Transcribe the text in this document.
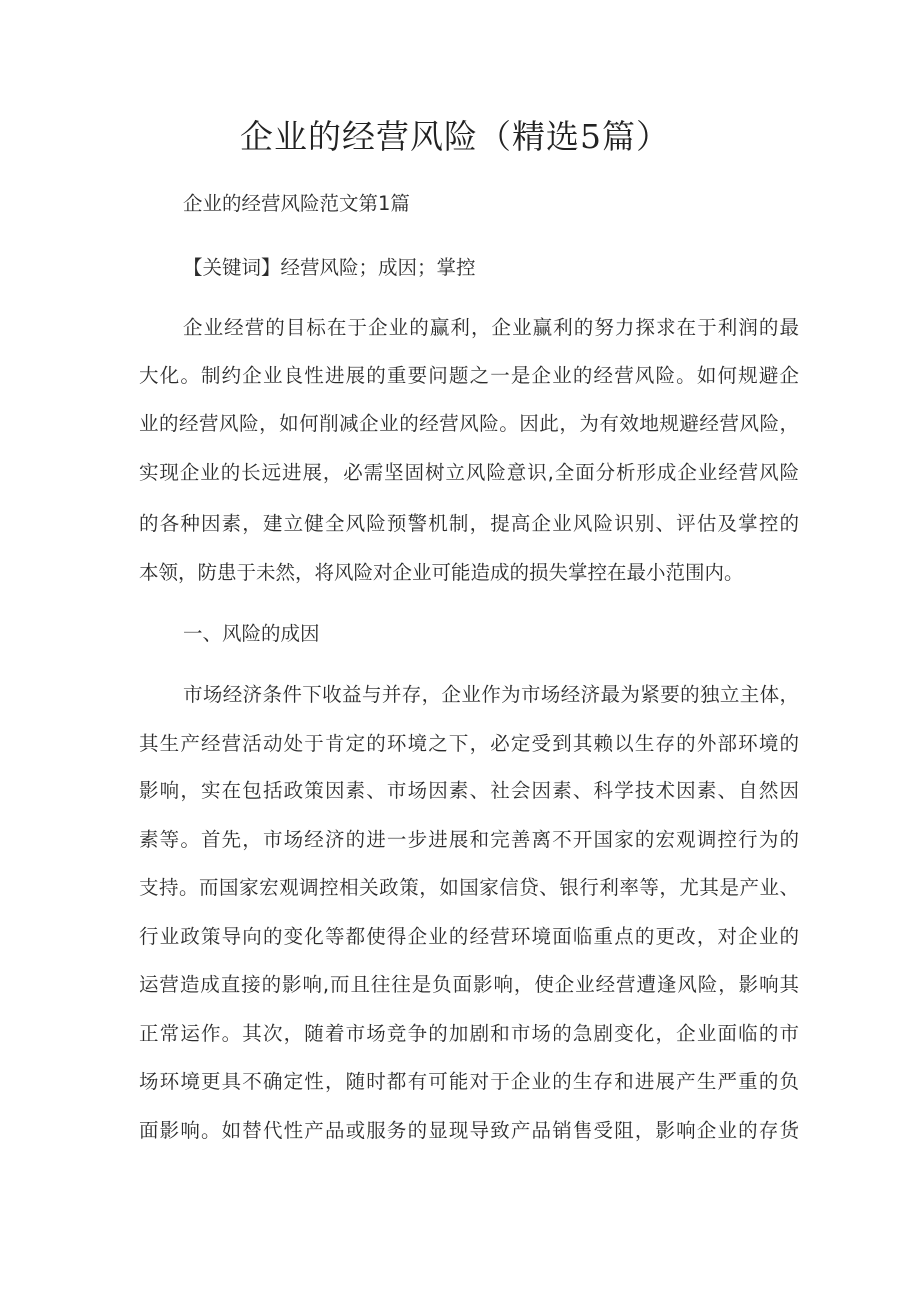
企业的经营风险（精选5篇）

企业的经营风险范文第1篇

【关键词】经营风险；成因；掌控

企业经营的目标在于企业的赢利，企业赢利的努力探求在于利润的最

大化。制约企业良性进展的重要问题之一是企业的经营风险。如何规避企

业的经营风险，如何削减企业的经营风险。因此，为有效地规避经营风险，

实现企业的长远进展，必需坚固树立风险意识,全面分析形成企业经营风险

的各种因素，建立健全风险预警机制，提高企业风险识别、评估及掌控的

本领，防患于未然，将风险对企业可能造成的损失掌控在最小范围内。

一、风险的成因

市场经济条件下收益与并存，企业作为市场经济最为紧要的独立主体，

其生产经营活动处于肯定的环境之下，必定受到其赖以生存的外部环境的

影响，实在包括政策因素、市场因素、社会因素、科学技术因素、自然因

素等。首先，市场经济的进一步进展和完善离不开国家的宏观调控行为的

支持。而国家宏观调控相关政策，如国家信贷、银行利率等，尤其是产业、

行业政策导向的变化等都使得企业的经营环境面临重点的更改，对企业的

运营造成直接的影响,而且往往是负面影响，使企业经营遭逢风险，影响其

正常运作。其次，随着市场竞争的加剧和市场的急剧变化，企业面临的市

场环境更具不确定性，随时都有可能对于企业的生存和进展产生严重的负

面影响。如替代性产品或服务的显现导致产品销售受阻，影响企业的存货
